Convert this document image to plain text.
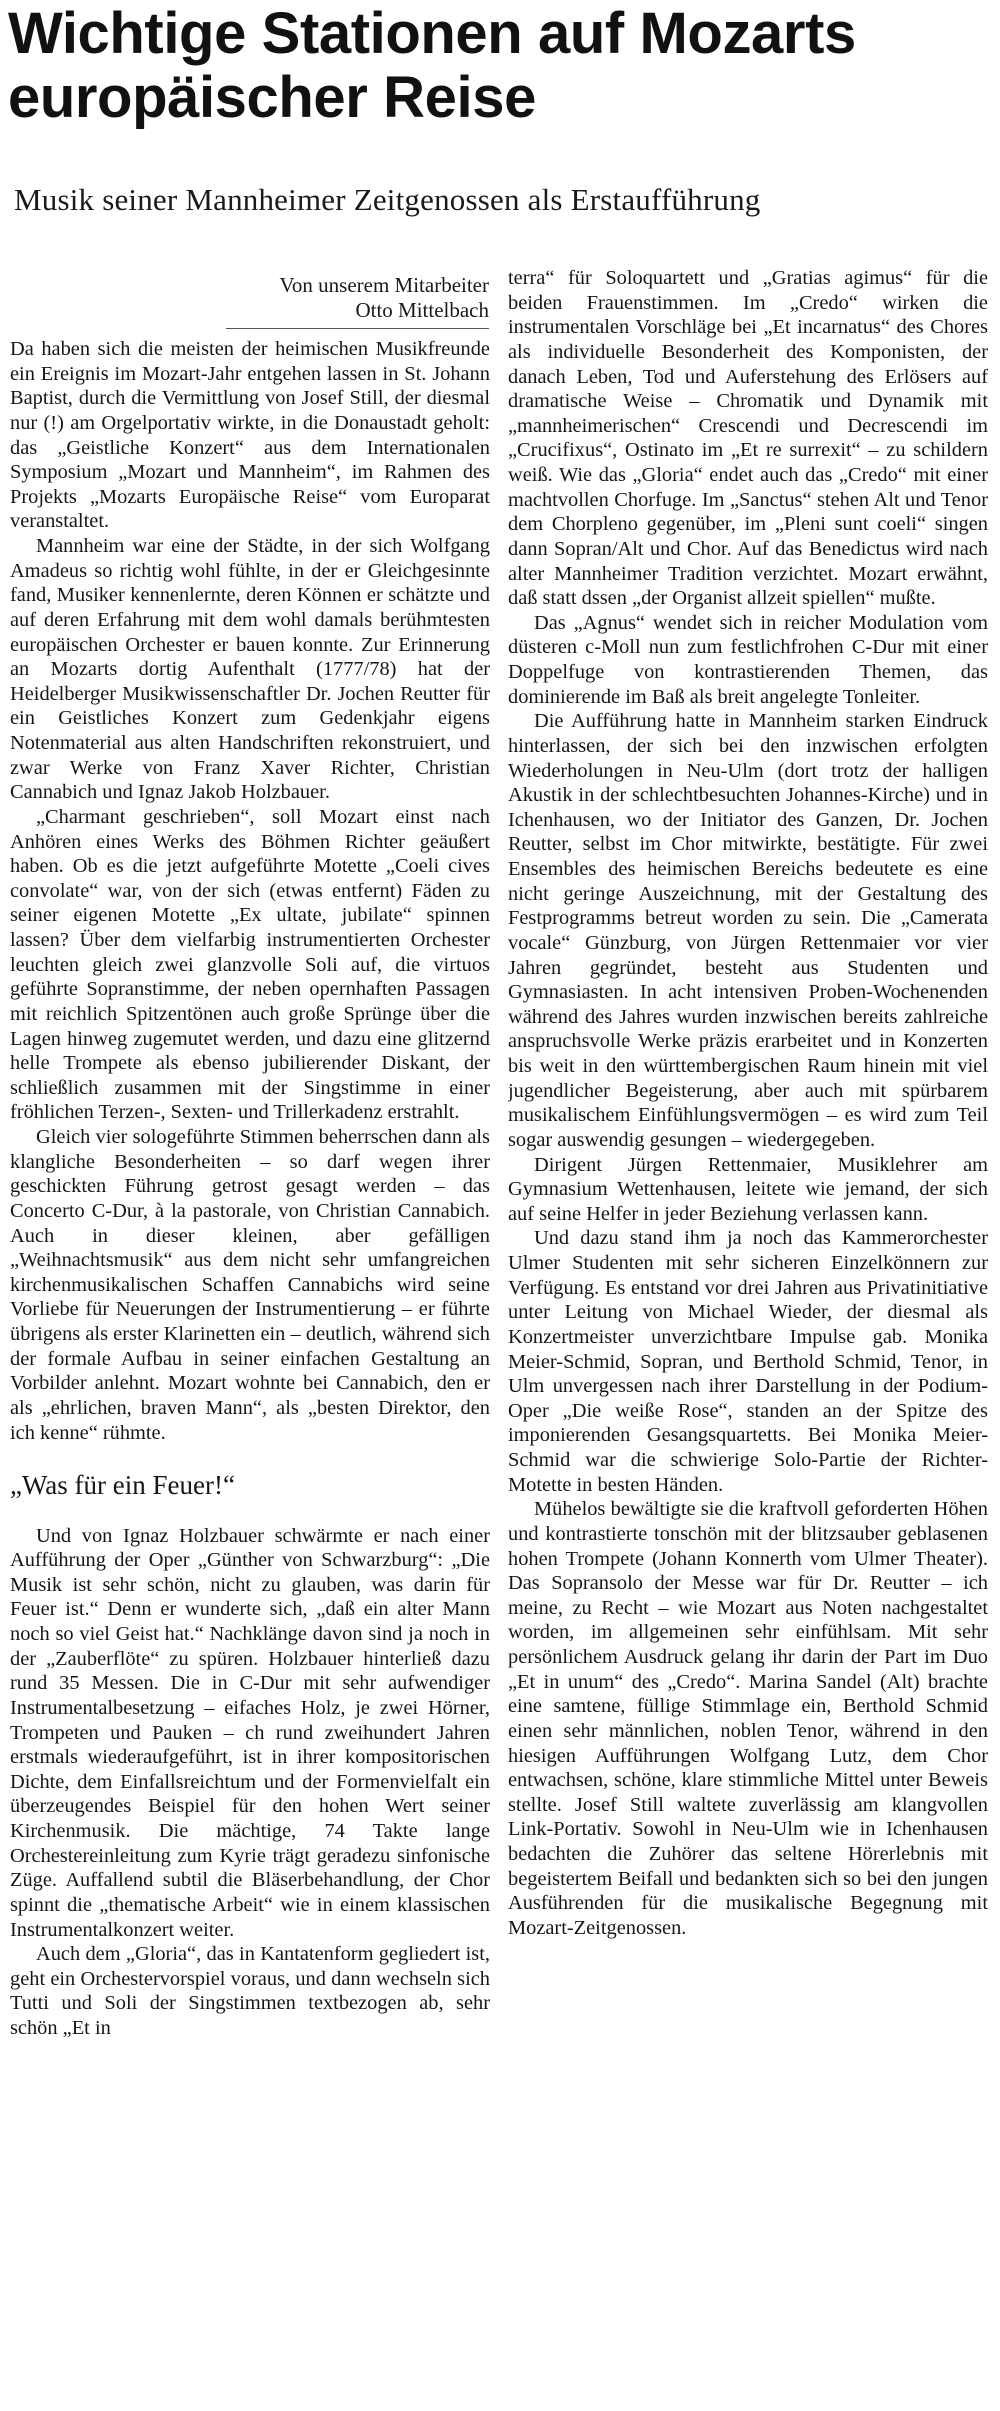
Wichtige Stationen auf Mozarts europäischer Reise
Musik seiner Mannheimer Zeitgenossen als Erstaufführung
Von unserem Mitarbeiter
Otto Mittelbach

Da haben sich die meisten der heimischen Musikfreunde ein Ereignis im Mozart-Jahr entgehen lassen in St. Johann Baptist, durch die Vermittlung von Josef Still, der diesmal nur (!) am Orgelportativ wirkte, in die Donaustadt geholt: das „Geistliche Konzert“ aus dem Internationalen Symposium „Mozart und Mannheim“, im Rahmen des Projekts „Mozarts Europäische Reise“ vom Europarat veranstaltet.

Mannheim war eine der Städte, in der sich Wolfgang Amadeus so richtig wohl fühlte, in der er Gleichgesinnte fand, Musiker kennenlernte, deren Können er schätzte und auf deren Erfahrung mit dem wohl damals berühmtesten europäischen Orchester er bauen konnte. Zur Erinnerung an Mozarts dortig Aufenthalt (1777/78) hat der Heidelberger Musikwissenschaftler Dr. Jochen Reutter für ein Geistliches Konzert zum Gedenkjahr eigens Notenmaterial aus alten Handschriften rekonstruiert, und zwar Werke von Franz Xaver Richter, Christian Cannabich und Ignaz Jakob Holzbauer.

„Charmant geschrieben“, soll Mozart einst nach Anhören eines Werks des Böhmen Richter geäußert haben. Ob es die jetzt aufgeführte Motette „Coeli cives convolate“ war, von der sich (etwas entfernt) Fäden zu seiner eigenen Motette „Ex ultate, jubilate“ spinnen lassen? Über dem vielfarbig instrumentierten Orchester leuchten gleich zwei glanzvolle Soli auf, die virtuos geführte Sopranstimme, der neben opernhaften Passagen mit reichlich Spitzentönen auch große Sprünge über die Lagen hinweg zugemutet werden, und dazu eine glitzernd helle Trompete als ebenso jubilierender Diskant, der schließlich zusammen mit der Singstimme in einer fröhlichen Terzen-, Sexten- und Trillerkadenz erstrahlt.

Gleich vier sologeführte Stimmen beherrschen dann als klangliche Besonderheiten – so darf wegen ihrer geschickten Führung getrost gesagt werden – das Concerto C-Dur, à la pastorale, von Christian Cannabich. Auch in dieser kleinen, aber gefälligen „Weihnachtsmusik“ aus dem nicht sehr umfangreichen kirchenmusikalischen Schaffen Cannabichs wird seine Vorliebe für Neuerungen der Instrumentierung – er führte übrigens als erster Klarinetten ein – deutlich, während sich der formale Aufbau in seiner einfachen Gestaltung an Vorbilder anlehnt. Mozart wohnte bei Cannabich, den er als „ehrlichen, braven Mann“, als „besten Direktor, den ich kenne“ rühmte.

„Was für ein Feuer!“

Und von Ignaz Holzbauer schwärmte er nach einer Aufführung der Oper „Günther von Schwarzburg“: „Die Musik ist sehr schön, nicht zu glauben, was darin für Feuer ist.“ Denn er wunderte sich, „daß ein alter Mann noch so viel Geist hat.“ Nachklänge davon sind ja noch in der „Zauberflöte“ zu spüren. Holzbauer hinterließ dazu rund 35 Messen. Die in C-Dur mit sehr aufwendiger Instrumentalbesetzung – eifaches Holz, je zwei Hörner, Trompeten und Pauken – ch rund zweihundert Jahren erstmals wiederaufgeführt, ist in ihrer kompositorischen Dichte, dem Einfallsreichtum und der Formenvielfalt ein überzeugendes Beispiel für den hohen Wert seiner Kirchenmusik. Die mächtige, 74 Takte lange Orchestereinleitung zum Kyrie trägt geradezu sinfonische Züge. Auffallend subtil die Bläserbehandlung, der Chor spinnt die „thematische Arbeit“ wie in einem klassischen Instrumentalkonzert weiter.

Auch dem „Gloria“, das in Kantatenform gegliedert ist, geht ein Orchestervorspiel voraus, und dann wechseln sich Tutti und Soli der Singstimmen textbezogen ab, sehr schön „Et in

terra“ für Soloquartett und „Gratias agimus“ für die beiden Frauenstimmen. Im „Credo“ wirken die instrumentalen Vorschläge bei „Et incarnatus“ des Chores als individuelle Besonderheit des Komponisten, der danach Leben, Tod und Auferstehung des Erlösers auf dramatische Weise – Chromatik und Dynamik mit „mannheimerischen“ Crescendi und Decrescendi im „Crucifixus“, Ostinato im „Et re surrexit“ – zu schildern weiß. Wie das „Gloria“ endet auch das „Credo“ mit einer machtvollen Chorfuge. Im „Sanctus“ stehen Alt und Tenor dem Chorpleno gegenüber, im „Pleni sunt coeli“ singen dann Sopran/Alt und Chor. Auf das Benedictus wird nach alter Mannheimer Tradition verzichtet. Mozart erwähnt, daß statt dssen „der Organist allzeit spiellen“ mußte.

Das „Agnus“ wendet sich in reicher Modulation vom düsteren c-Moll nun zum festlichfrohen C-Dur mit einer Doppelfuge von kontrastierenden Themen, das dominierende im Baß als breit angelegte Tonleiter.

Die Aufführung hatte in Mannheim starken Eindruck hinterlassen, der sich bei den inzwischen erfolgten Wiederholungen in Neu-Ulm (dort trotz der halligen Akustik in der schlechtbesuchten Johannes-Kirche) und in Ichenhausen, wo der Initiator des Ganzen, Dr. Jochen Reutter, selbst im Chor mitwirkte, bestätigte. Für zwei Ensembles des heimischen Bereichs bedeutete es eine nicht geringe Auszeichnung, mit der Gestaltung des Festprogramms betreut worden zu sein. Die „Camerata vocale“ Günzburg, von Jürgen Rettenmaier vor vier Jahren gegründet, besteht aus Studenten und Gymnasiasten. In acht intensiven Proben-Wochenenden während des Jahres wurden inzwischen bereits zahlreiche anspruchsvolle Werke präzis erarbeitet und in Konzerten bis weit in den württembergischen Raum hinein mit viel jugendlicher Begeisterung, aber auch mit spürbarem musikalischem Einfühlungsvermögen – es wird zum Teil sogar auswendig gesungen – wiedergegeben.

Dirigent Jürgen Rettenmaier, Musiklehrer am Gymnasium Wettenhausen, leitete wie jemand, der sich auf seine Helfer in jeder Beziehung verlassen kann.

Und dazu stand ihm ja noch das Kammerorchester Ulmer Studenten mit sehr sicheren Einzelkönnern zur Verfügung. Es entstand vor drei Jahren aus Privatinitiative unter Leitung von Michael Wieder, der diesmal als Konzertmeister unverzichtbare Impulse gab. Monika Meier-Schmid, Sopran, und Berthold Schmid, Tenor, in Ulm unvergessen nach ihrer Darstellung in der Podium-Oper „Die weiße Rose“, standen an der Spitze des imponierenden Gesangsquartetts. Bei Monika Meier-Schmid war die schwierige Solo-Partie der Richter-Motette in besten Händen.

Mühelos bewältigte sie die kraftvoll geforderten Höhen und kontrastierte tonschön mit der blitzsauber geblasenen hohen Trompete (Johann Konnerth vom Ulmer Theater). Das Sopransolo der Messe war für Dr. Reutter – ich meine, zu Recht – wie Mozart aus Noten nachgestaltet worden, im allgemeinen sehr einfühlsam. Mit sehr persönlichem Ausdruck gelang ihr darin der Part im Duo „Et in unum“ des „Credo“. Marina Sandel (Alt) brachte eine samtene, füllige Stimmlage ein, Berthold Schmid einen sehr männlichen, noblen Tenor, während in den hiesigen Aufführungen Wolfgang Lutz, dem Chor entwachsen, schöne, klare stimmliche Mittel unter Beweis stellte. Josef Still waltete zuverlässig am klangvollen Link-Portativ. Sowohl in Neu-Ulm wie in Ichenhausen bedachten die Zuhörer das seltene Hörerlebnis mit begeistertem Beifall und bedankten sich so bei den jungen Ausführenden für die musikalische Begegnung mit Mozart-Zeitgenossen.
